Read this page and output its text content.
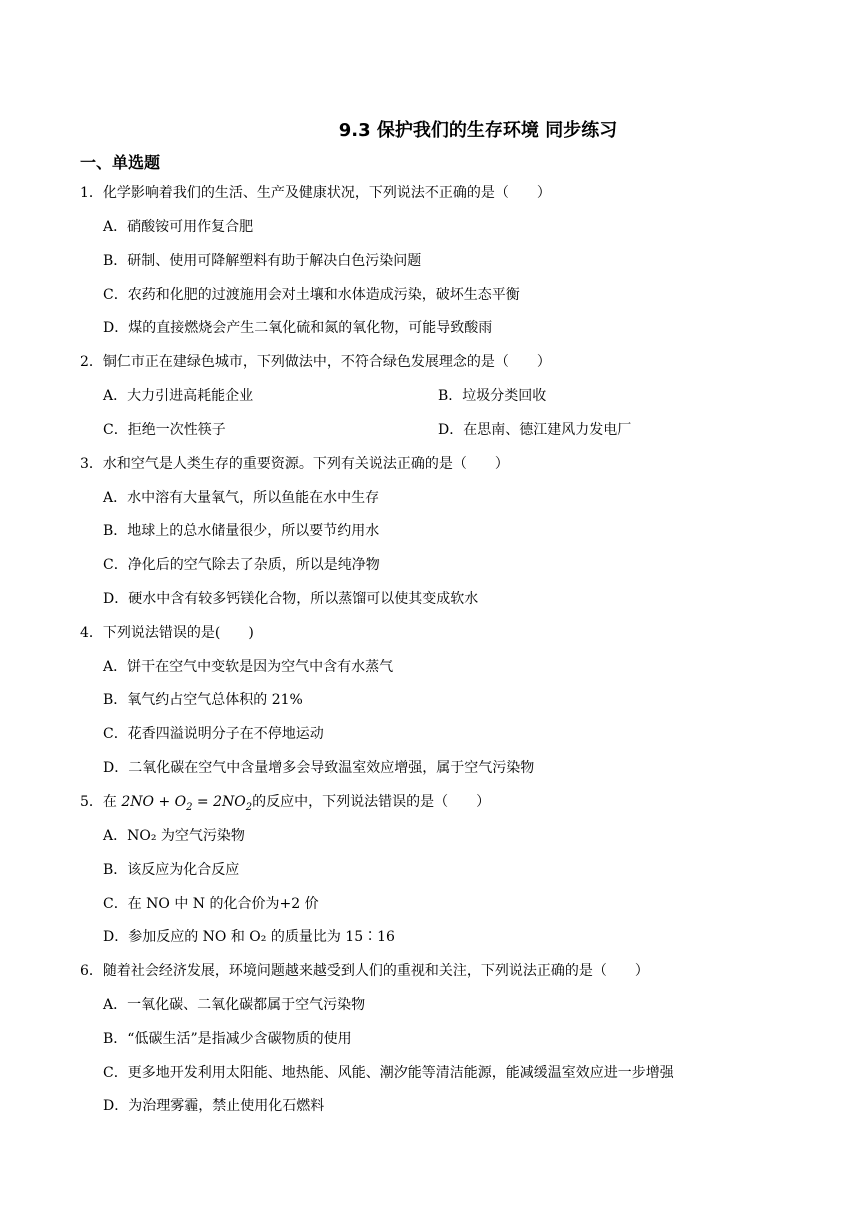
9.3 保护我们的生存环境 同步练习
一、单选题
1．化学影响着我们的生活、生产及健康状况，下列说法不正确的是（　　）
A．硝酸铵可用作复合肥
B．研制、使用可降解塑料有助于解决白色污染问题
C．农药和化肥的过渡施用会对土壤和水体造成污染，破坏生态平衡
D．煤的直接燃烧会产生二氧化硫和氮的氧化物，可能导致酸雨
2．铜仁市正在建绿色城市，下列做法中，不符合绿色发展理念的是（　　）
A．大力引进高耗能企业	B．垃圾分类回收
C．拒绝一次性筷子	D．在思南、德江建风力发电厂
3．水和空气是人类生存的重要资源。下列有关说法正确的是（　　）
A．水中溶有大量氧气，所以鱼能在水中生存
B．地球上的总水储量很少，所以要节约用水
C．净化后的空气除去了杂质，所以是纯净物
D．硬水中含有较多钙镁化合物，所以蒸馏可以使其变成软水
4．下列说法错误的是(　　)
A．饼干在空气中变软是因为空气中含有水蒸气
B．氧气约占空气总体积的 21%
C．花香四溢说明分子在不停地运动
D．二氧化碳在空气中含量增多会导致温室效应增强，属于空气污染物
5．在 $2NO + O_2 = 2NO_2$的反应中，下列说法错误的是（　　）
A．NO₂ 为空气污染物
B．该反应为化合反应
C．在 NO 中 N 的化合价为+2 价
D．参加反应的 NO 和 O₂ 的质量比为 15∶16
6．随着社会经济发展，环境问题越来越受到人们的重视和关注，下列说法正确的是（　　）
A．一氧化碳、二氧化碳都属于空气污染物
B．“低碳生活”是指减少含碳物质的使用
C．更多地开发利用太阳能、地热能、风能、潮汐能等清洁能源，能减缓温室效应进一步增强
D．为治理雾霾，禁止使用化石燃料
